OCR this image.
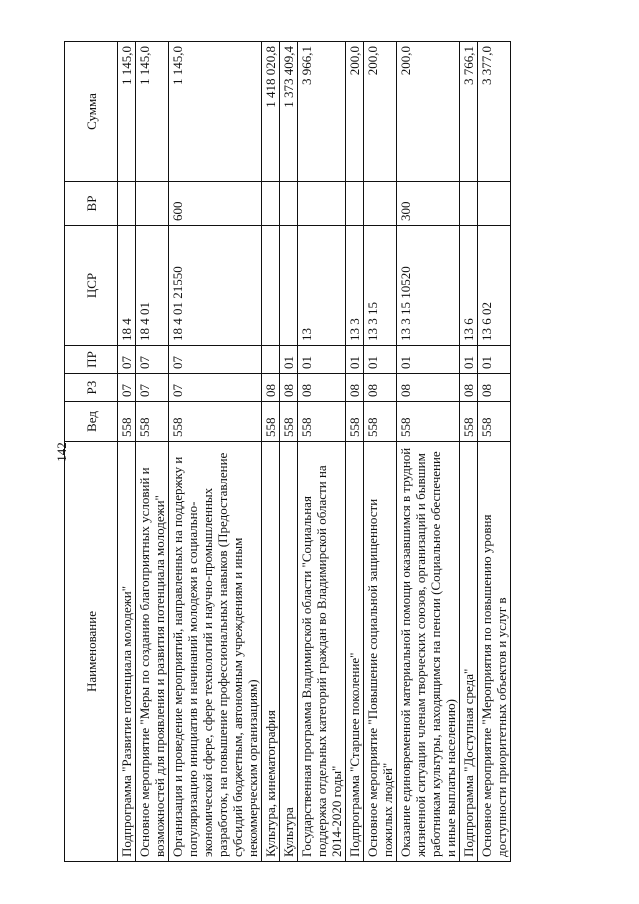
142
Наименование	Вед	РЗ	ПР	ЦСР	ВР	Сумма
Подпрограмма "Развитие потенциала молодежи"	558	07	07	18 4		1 145,0
Основное мероприятие "Меры по созданию благоприятных условий и возможностей для проявления и развития потенциала молодежи"	558	07	07	18 4 01		1 145,0
Организация и проведение мероприятий, направленных на поддержку и популяризацию инициатив и начинаний молодежи в социально-экономической сфере, сфере технологий и научно-промышленных разработок, на повышение профессиональных навыков (Предоставление субсидий бюджетным, автономным учреждениям и иным некоммерческим организациям)	558	07	07	18 4 01 21550	600	1 145,0
Культура, кинематография	558	08				1 418 020,8
Культура	558	08	01			1 373 409,4
Государственная программа Владимирской области "Социальная поддержка отдельных категорий граждан во Владимирской области на 2014-2020 годы"	558	08	01	13		3 966,1
Подпрограмма "Старшее поколение"	558	08	01	13 3		200,0
Основное мероприятие "Повышение социальной защищенности пожилых людей"	558	08	01	13 3 15		200,0
Оказание единовременной материальной помощи оказавшимся в трудной жизненной ситуации членам творческих союзов, организаций и бывшим работникам культуры, находящимся на пенсии (Социальное обеспечение и иные выплаты населению)	558	08	01	13 3 15 10520	300	200,0
Подпрограмма "Доступная среда"	558	08	01	13 6		3 766,1
Основное мероприятие "Мероприятия по повышению уровня доступности приоритетных объектов и услуг в	558	08	01	13 6 02		3 377,0
